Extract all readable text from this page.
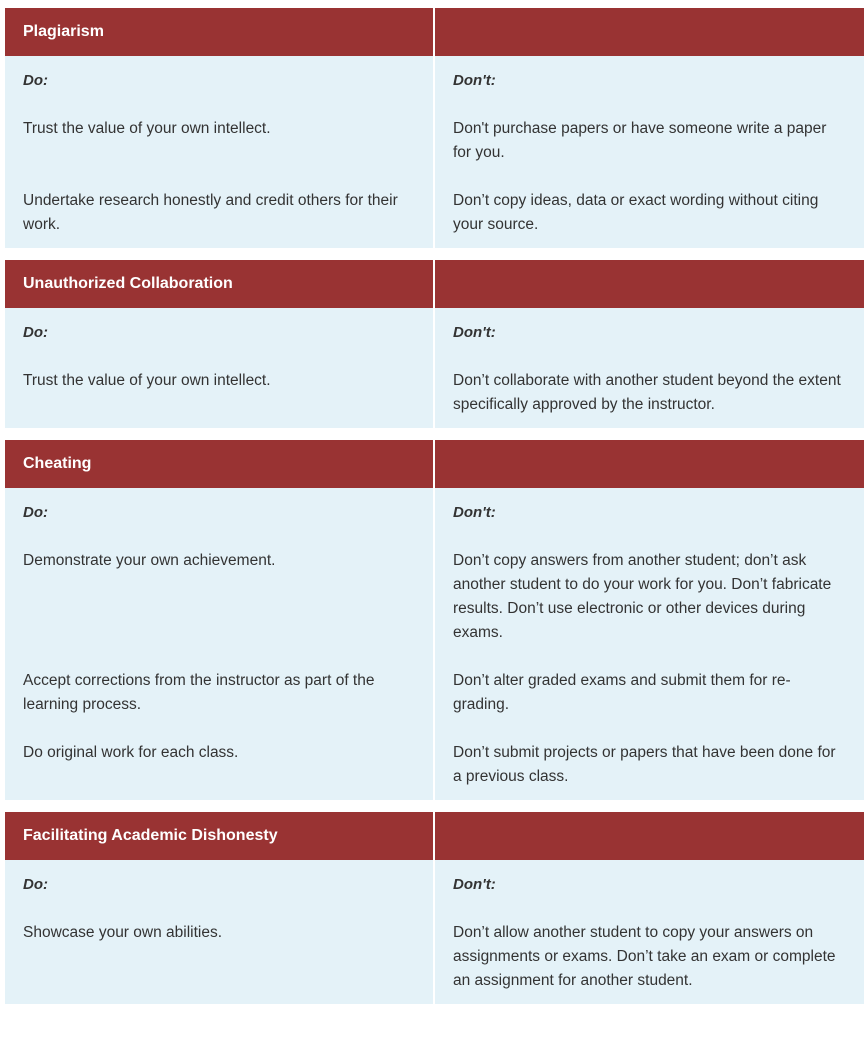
Plagiarism	
Do:	Don't:
Trust the value of your own intellect.	Don't purchase papers or have someone write a paper for you.
Undertake research honestly and credit others for their work.	Don’t copy ideas, data or exact wording without citing your source.
Unauthorized Collaboration	
Do:	Don't:
Trust the value of your own intellect.	Don’t collaborate with another student beyond the extent specifically approved by the instructor.
Cheating	
Do:	Don't:
Demonstrate your own achievement.	Don’t copy answers from another student; don’t ask another student to do your work for you. Don’t fabricate results. Don’t use electronic or other devices during exams.
Accept corrections from the instructor as part of the learning process.	Don’t alter graded exams and submit them for re-grading.
Do original work for each class.	Don’t submit projects or papers that have been done for a previous class.
Facilitating Academic Dishonesty	
Do:	Don't:
Showcase your own abilities.	Don’t allow another student to copy your answers on assignments or exams. Don’t take an exam or complete an assignment for another student.
